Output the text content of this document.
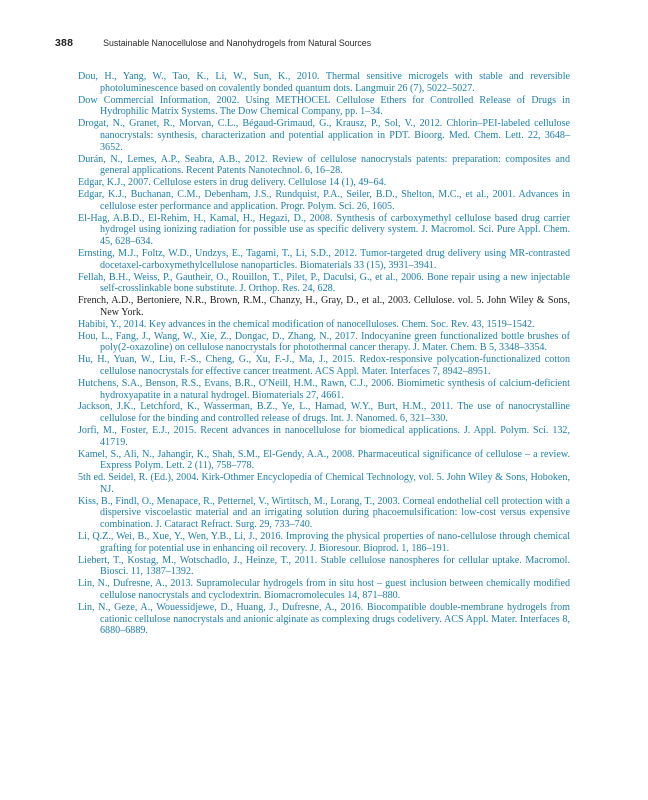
388	Sustainable Nanocellulose and Nanohydrogels from Natural Sources
Dou, H., Yang, W., Tao, K., Li, W., Sun, K., 2010. Thermal sensitive microgels with stable and reversible photoluminescence based on covalently bonded quantum dots. Langmuir 26 (7), 5022–5027.
Dow Commercial Information, 2002. Using METHOCEL Cellulose Ethers for Controlled Release of Drugs in Hydrophilic Matrix Systems. The Dow Chemical Company, pp. 1–34.
Drogat, N., Granet, R., Morvan, C.L., Bégaud-Grimaud, G., Krausz, P., Sol, V., 2012. Chlorin–PEI-labeled cellulose nanocrystals: synthesis, characterization and potential application in PDT. Bioorg. Med. Chem. Lett. 22, 3648–3652.
Durán, N., Lemes, A.P., Seabra, A.B., 2012. Review of cellulose nanocrystals patents: preparation: composites and general applications. Recent Patents Nanotechnol. 6, 16–28.
Edgar, K.J., 2007. Cellulose esters in drug delivery. Cellulose 14 (1), 49–64.
Edgar, K.J., Buchanan, C.M., Debenham, J.S., Rundquist, P.A., Seiler, B.D., Shelton, M.C., et al., 2001. Advances in cellulose ester performance and application. Progr. Polym. Sci. 26, 1605.
El-Hag, A.B.D., El-Rehim, H., Kamal, H., Hegazi, D., 2008. Synthesis of carboxymethyl cellulose based drug carrier hydrogel using ionizing radiation for possible use as specific delivery system. J. Macromol. Sci. Pure Appl. Chem. 45, 628–634.
Ernsting, M.J., Foltz, W.D., Undzys, E., Tagami, T., Li, S.D., 2012. Tumor-targeted drug delivery using MR-contrasted docetaxel-carboxymethylcellulose nanoparticles. Biomaterials 33 (15), 3931–3941.
Fellah, B.H., Weiss, P., Gautheir, O., Rouillon, T., Pilet, P., Daculsi, G., et al., 2006. Bone repair using a new injectable self-crosslinkable bone substitute. J. Orthop. Res. 24, 628.
French, A.D., Bertoniere, N.R., Brown, R.M., Chanzy, H., Gray, D., et al., 2003. Cellulose. vol. 5. John Wiley & Sons, New York.
Habibi, Y., 2014. Key advances in the chemical modification of nanocelluloses. Chem. Soc. Rev. 43, 1519–1542.
Hou, L., Fang, J., Wang, W., Xie, Z., Dongac, D., Zhang, N., 2017. Indocyanine green functionalized bottle brushes of poly(2-oxazoline) on cellulose nanocrystals for photothermal cancer therapy. J. Mater. Chem. B 5, 3348–3354.
Hu, H., Yuan, W., Liu, F.-S., Cheng, G., Xu, F.-J., Ma, J., 2015. Redox-responsive polycation-functionalized cotton cellulose nanocrystals for effective cancer treatment. ACS Appl. Mater. Interfaces 7, 8942–8951.
Hutchens, S.A., Benson, R.S., Evans, B.R., O'Neill, H.M., Rawn, C.J., 2006. Biomimetic synthesis of calcium-deficient hydroxyapatite in a natural hydrogel. Biomaterials 27, 4661.
Jackson, J.K., Letchford, K., Wasserman, B.Z., Ye, L., Hamad, W.Y., Burt, H.M., 2011. The use of nanocrystalline cellulose for the binding and controlled release of drugs. Int. J. Nanomed. 6, 321–330.
Jorfi, M., Foster, E.J., 2015. Recent advances in nanocellulose for biomedical applications. J. Appl. Polym. Sci. 132, 41719.
Kamel, S., Ali, N., Jahangir, K., Shah, S.M., El-Gendy, A.A., 2008. Pharmaceutical significance of cellulose – a review. Express Polym. Lett. 2 (11), 758–778.
5th ed. Seidel, R. (Ed.), 2004. Kirk-Othmer Encyclopedia of Chemical Technology, vol. 5. John Wiley & Sons, Hoboken, NJ.
Kiss, B., Findl, O., Menapace, R., Petternel, V., Wirtitsch, M., Lorang, T., 2003. Corneal endothelial cell protection with a dispersive viscoelastic material and an irrigating solution during phacoemulsification: low-cost versus expensive combination. J. Cataract Refract. Surg. 29, 733–740.
Li, Q.Z., Wei, B., Xue, Y., Wen, Y.B., Li, J., 2016. Improving the physical properties of nano-cellulose through chemical grafting for potential use in enhancing oil recovery. J. Bioresour. Bioprod. 1, 186–191.
Liebert, T., Kostag, M., Wotschadlo, J., Heinze, T., 2011. Stable cellulose nanospheres for cellular uptake. Macromol. Biosci. 11, 1387–1392.
Lin, N., Dufresne, A., 2013. Supramolecular hydrogels from in situ host – guest inclusion between chemically modified cellulose nanocrystals and cyclodextrin. Biomacromolecules 14, 871–880.
Lin, N., Geze, A., Wouessidjewe, D., Huang, J., Dufresne, A., 2016. Biocompatible double-membrane hydrogels from cationic cellulose nanocrystals and anionic alginate as complexing drugs codelivery. ACS Appl. Mater. Interfaces 8, 6880–6889.
